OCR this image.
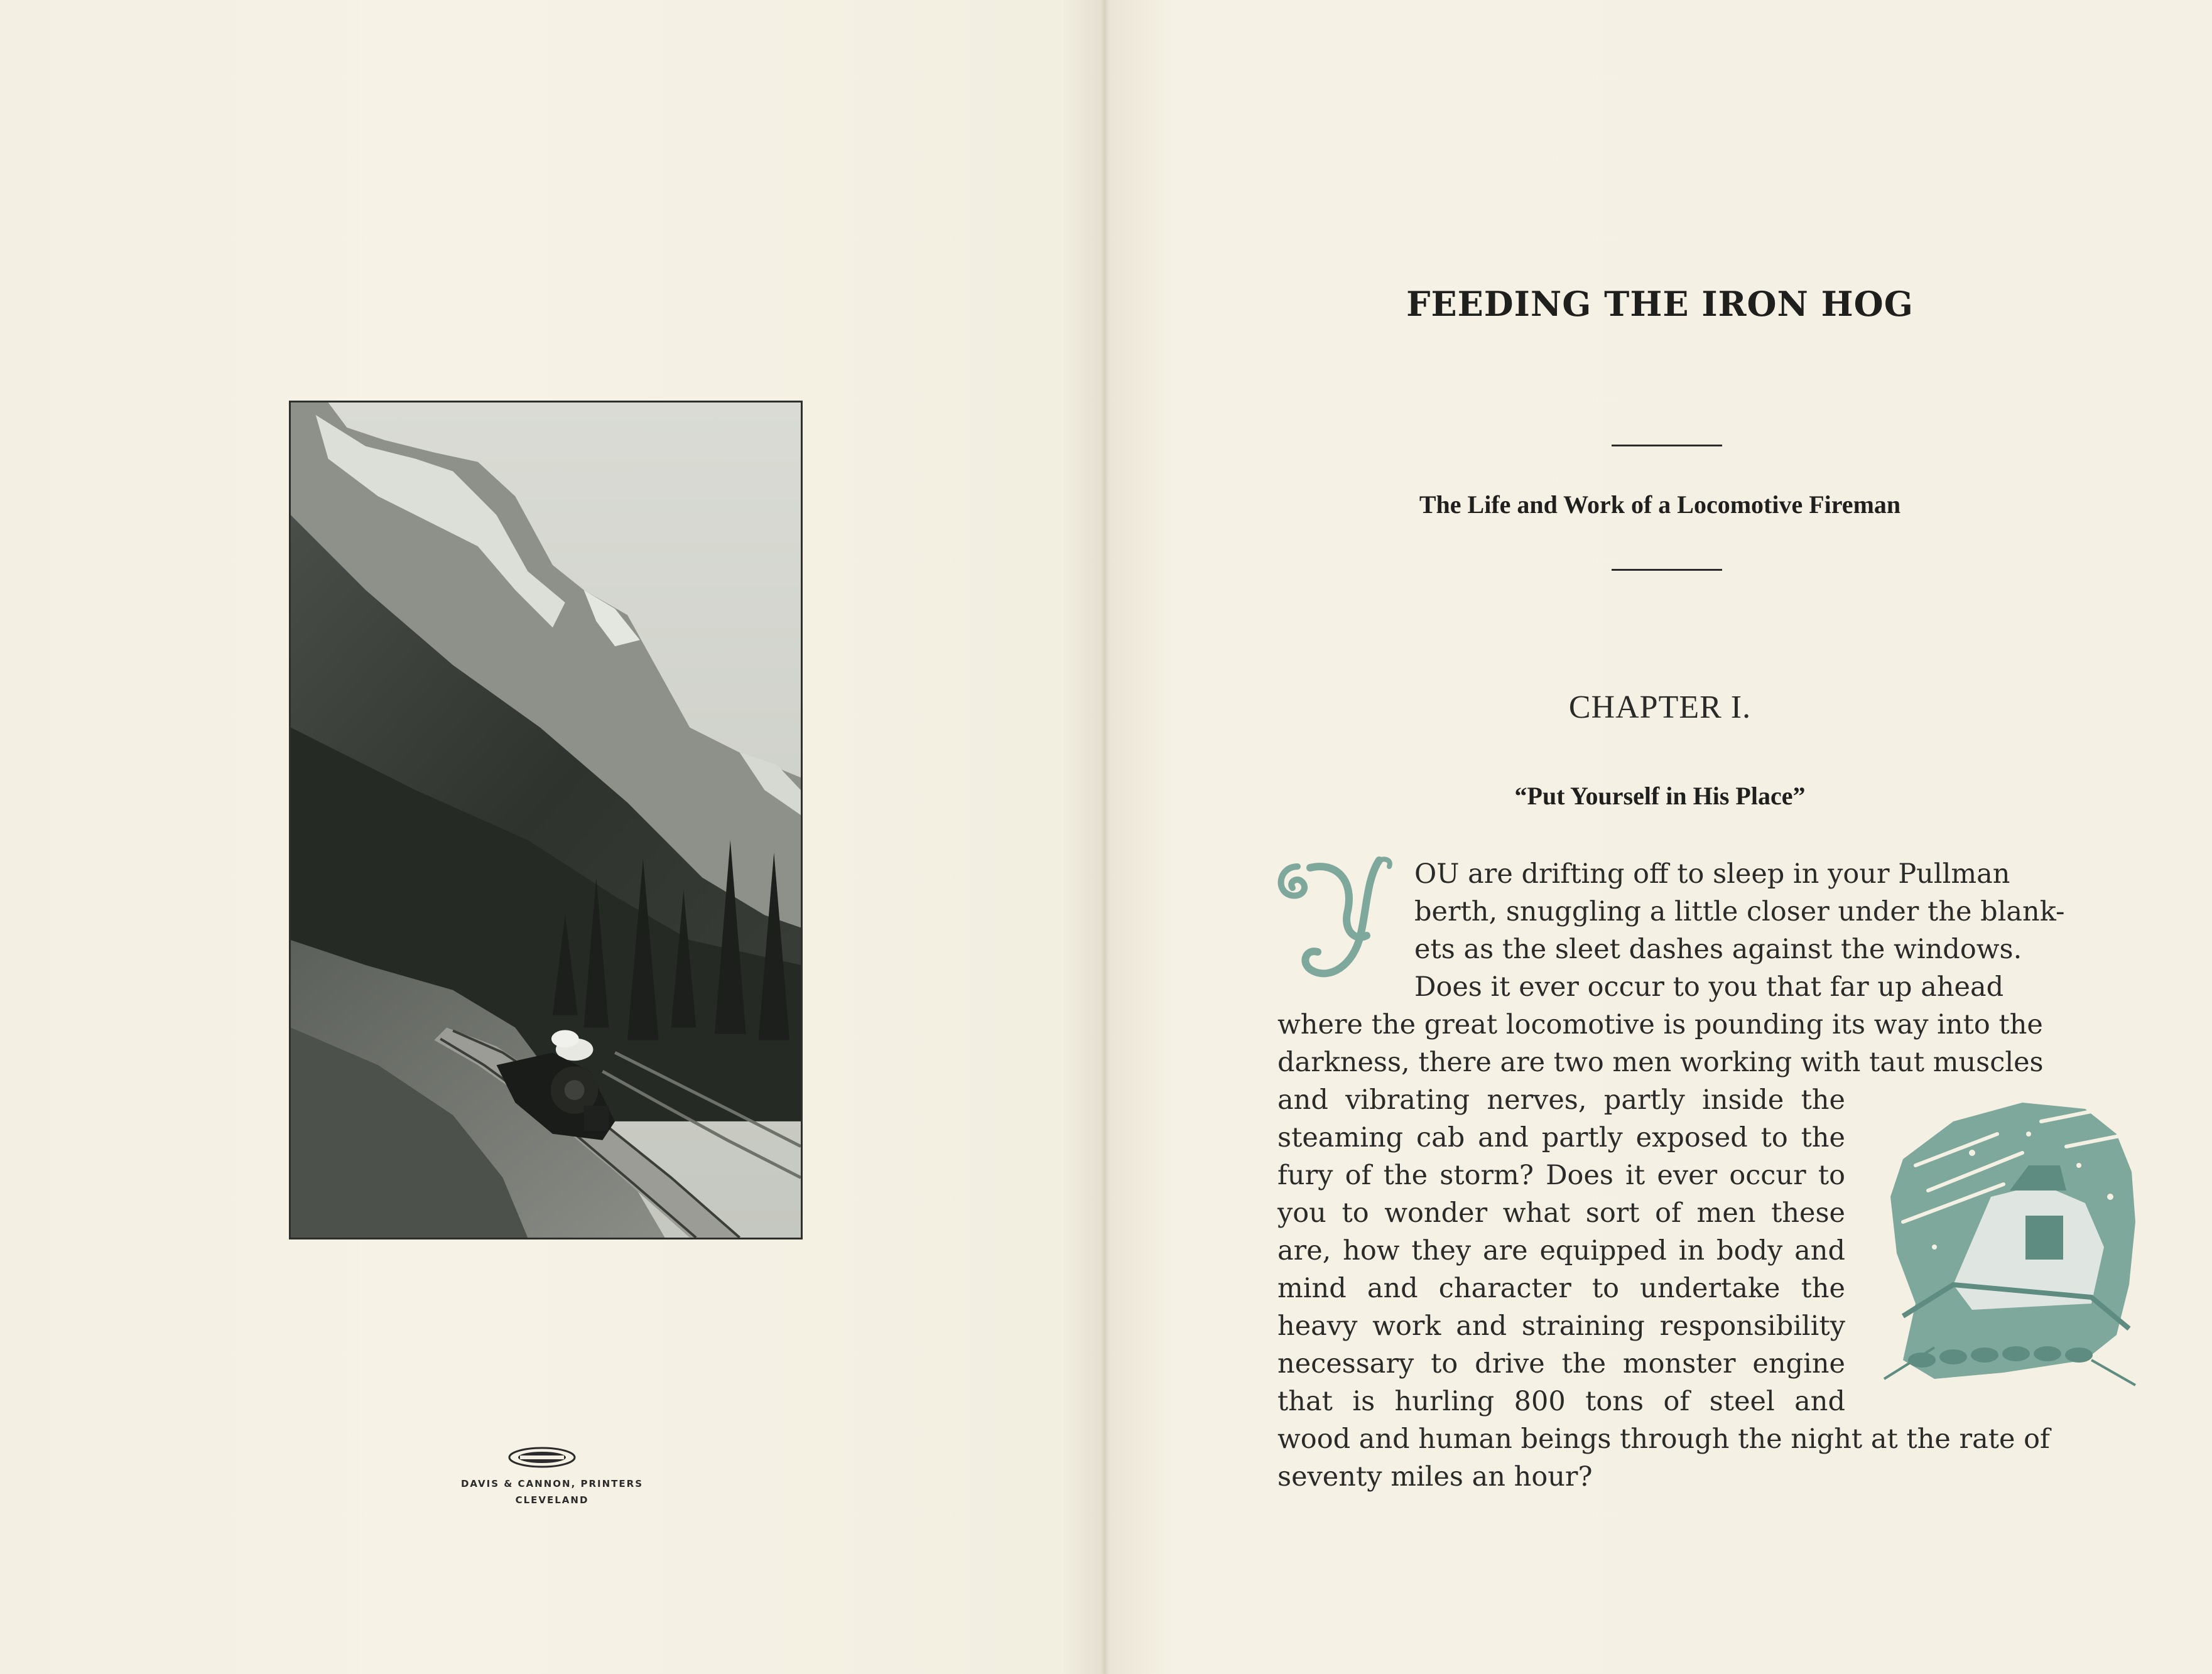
DAVIS & CANNON, PRINTERS
CLEVELAND
FEEDING THE IRON HOG
The Life and Work of a Locomotive Fireman
CHAPTER I.
“Put Yourself in His Place”
OU are drifting off to sleep in your Pullman
berth, snuggling a little closer under the blank-
ets as the sleet dashes against the windows.
Does it ever occur to you that far up ahead
where the great locomotive is pounding its way into the
darkness, there are two men working with taut muscles
and vibrating nerves, partly inside the
steaming cab and partly exposed to the
fury of the storm? Does it ever occur to
you to wonder what sort of men these
are, how they are equipped in body and
mind and character to undertake the
heavy work and straining responsibility
necessary to drive the monster engine
that is hurling 800 tons of steel and
wood and human beings through the night at the rate of
seventy miles an hour?
